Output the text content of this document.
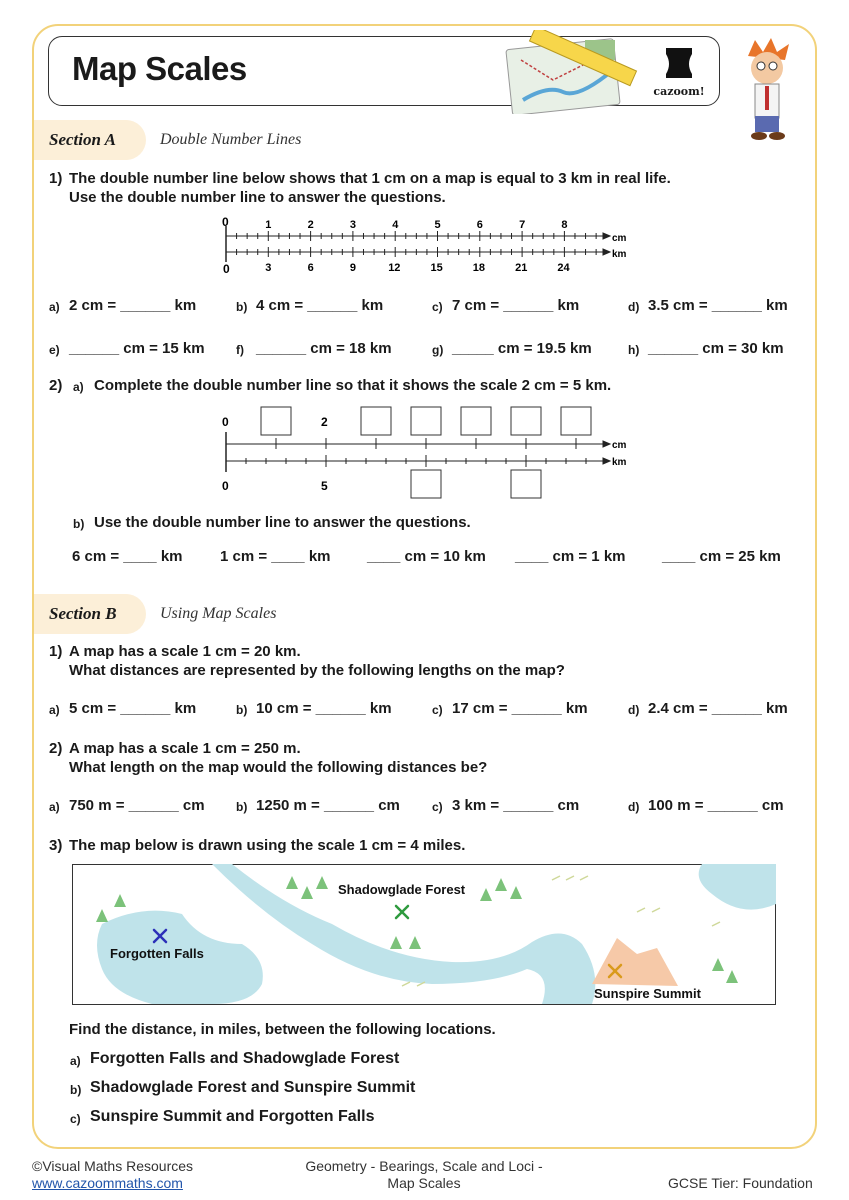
Map Scales
cazoom!
Section A	Double Number Lines
1) The double number line below shows that 1 cm on a map is equal to 3 km in real life.
Use the double number line to answer the questions.
cm
km
0	1	2	3	4	5	6	7	8
0	3	6	9	12	15	18	21	24
2) a) Complete the double number line so that it shows the scale 2 cm = 5 km.
0	2
0	5
cm
km
b) Use the double number line to answer the questions.
Section B	Using Map Scales
1) A map has a scale 1 cm = 20 km.
What distances are represented by the following lengths on the map?
2) A map has a scale 1 cm = 250 m.
What length on the map would the following distances be?
3) The map below is drawn using the scale 1 cm = 4 miles.
Shadowglade Forest
Forgotten Falls
Sunspire Summit
Find the distance, in miles, between the following locations.
©Visual Maths Resources
www.cazoommaths.com
Geometry - Bearings, Scale and Loci -
Map Scales	GCSE Tier: Foundation
a) 2 cm = ______ km	b) 4 cm = ______ km	c) 7 cm = ______ km	d) 3.5 cm = ______ km
e) ______ cm = 15 km	f) ______ cm = 18 km	g) _____ cm = 19.5 km	h) ______ cm = 30 km
6 cm = ____ km 1 cm = ____ km ____ cm = 10 km ____ cm = 1 km ____ cm = 25 km
a) 5 cm = ______ km	b) 10 cm = ______ km	c) 17 cm = ______ km	d) 2.4 cm = ______ km
a) 750 m = ______ cm	b) 1250 m = ______ cm	c) 3 km = ______ cm	d) 100 m = ______ cm
a) Forgotten Falls and Shadowglade Forest
b) Shadowglade Forest and Sunspire Summit
c) Sunspire Summit and Forgotten Falls
